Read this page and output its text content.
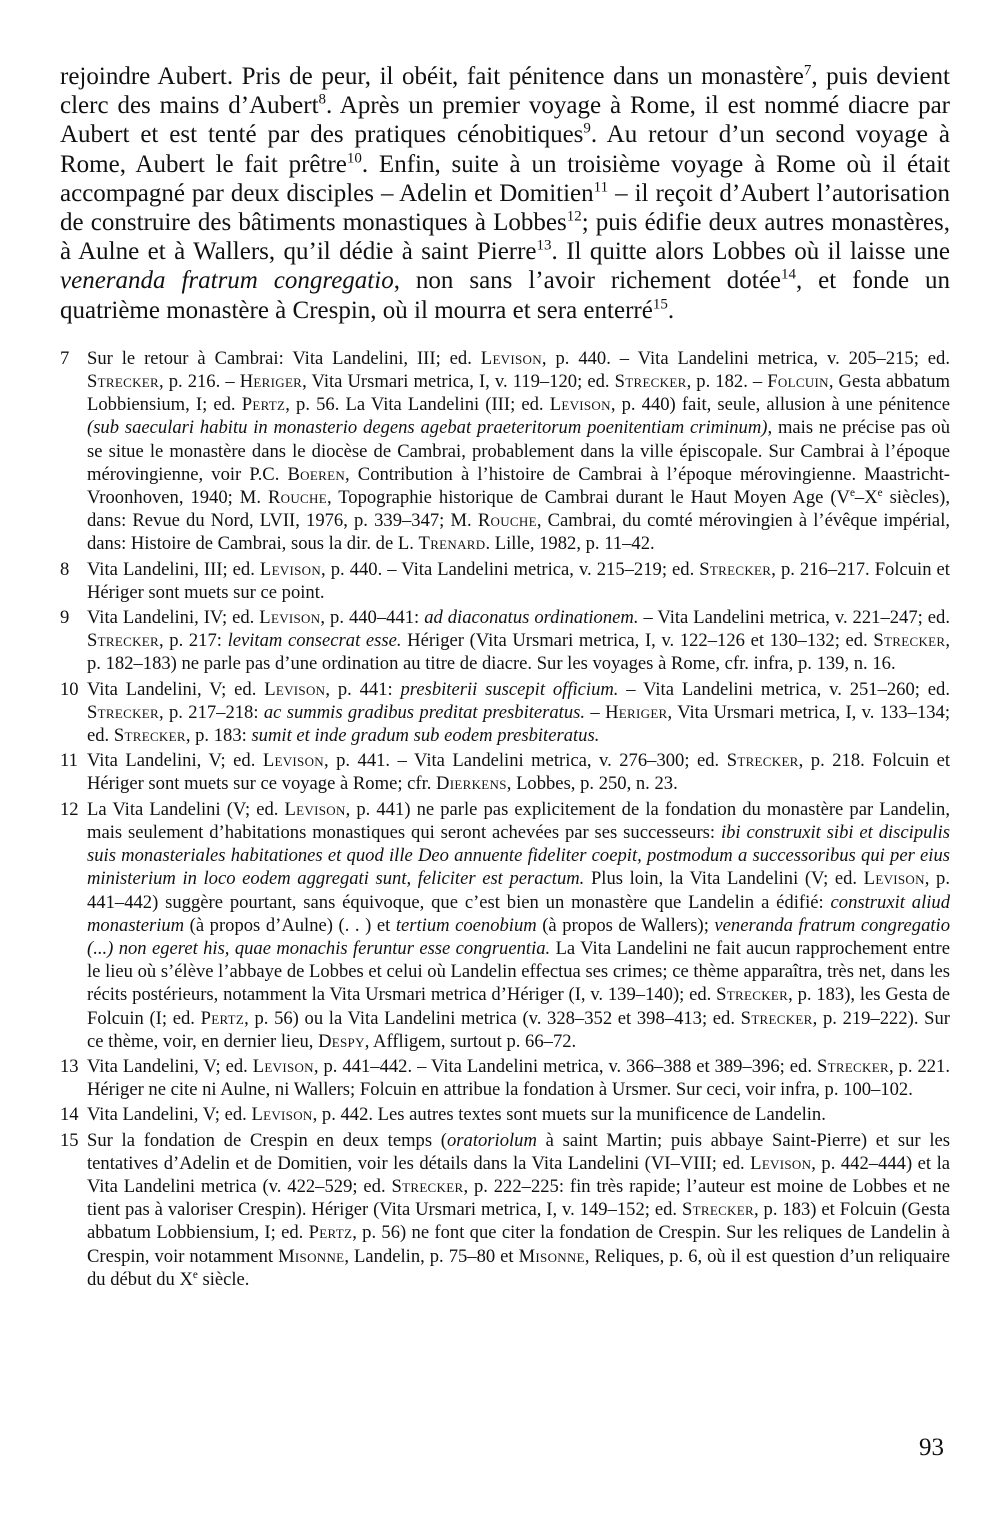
rejoindre Aubert. Pris de peur, il obéit, fait pénitence dans un monastère$^7$, puis devient clerc des mains d’Aubert$^8$. Après un premier voyage à Rome, il est nommé diacre par Aubert et est tenté par des pratiques cénobitiques$^9$. Au retour d’un second voyage à Rome, Aubert le fait prêtre$^{10}$. Enfin, suite à un troisième voyage à Rome où il était accompagné par deux disciples – Adelin et Domitien$^{11}$ – il reçoit d’Aubert l’autorisation de construire des bâtiments monastiques à Lobbes$^{12}$; puis édifie deux autres monastères, à Aulne et à Wallers, qu’il dédie à saint Pierre$^{13}$. Il quitte alors Lobbes où il laisse une veneranda fratrum congregatio, non sans l’avoir richement dotée$^{14}$, et fonde un quatrième monastère à Crespin, où il mourra et sera enterré$^{15}$.

7 Sur le retour à Cambrai: Vita Landelini, III; ed. Levison, p. 440. – Vita Landelini metrica, v. 205–215; ed. Strecker, p. 216. – Heriger, Vita Ursmari metrica, I, v. 119–120; ed. Strecker, p. 182. – Folcuin, Gesta abbatum Lobbiensium, I; ed. Pertz, p. 56. La Vita Landelini (III; ed. Levison, p. 440) fait, seule, allusion à une pénitence (sub saeculari habitu in monasterio degens agebat praeteritorum poenitentiam criminum), mais ne précise pas où se situe le monastère dans le diocèse de Cambrai, probablement dans la ville épiscopale. Sur Cambrai à l’époque mérovingienne, voir P.C. Boeren, Contribution à l’histoire de Cambrai à l’époque mérovingienne. Maastricht-Vroonhoven, 1940; M. Rouche, Topographie historique de Cambrai durant le Haut Moyen Age (Ve–Xe siècles), dans: Revue du Nord, LVII, 1976, p. 339–347; M. Rouche, Cambrai, du comté mérovingien à l’évêque impérial, dans: Histoire de Cambrai, sous la dir. de L. Trenard. Lille, 1982, p. 11–42.
8 Vita Landelini, III; ed. Levison, p. 440. – Vita Landelini metrica, v. 215–219; ed. Strecker, p. 216–217. Folcuin et Hériger sont muets sur ce point.
9 Vita Landelini, IV; ed. Levison, p. 440–441: ad diaconatus ordinationem. – Vita Landelini metrica, v. 221–247; ed. Strecker, p. 217: levitam consecrat esse. Hériger (Vita Ursmari metrica, I, v. 122–126 et 130–132; ed. Strecker, p. 182–183) ne parle pas d’une ordination au titre de diacre. Sur les voyages à Rome, cfr. infra, p. 139, n. 16.
10 Vita Landelini, V; ed. Levison, p. 441: presbiterii suscepit officium. – Vita Landelini metrica, v. 251–260; ed. Strecker, p. 217–218: ac summis gradibus preditat presbiteratus. – Heriger, Vita Ursmari metrica, I, v. 133–134; ed. Strecker, p. 183: sumit et inde gradum sub eodem presbiteratus.
11 Vita Landelini, V; ed. Levison, p. 441. – Vita Landelini metrica, v. 276–300; ed. Strecker, p. 218. Folcuin et Hériger sont muets sur ce voyage à Rome; cfr. Dierkens, Lobbes, p. 250, n. 23.
12 La Vita Landelini (V; ed. Levison, p. 441) ne parle pas explicitement de la fondation du monastère par Landelin, mais seulement d’habitations monastiques qui seront achevées par ses successeurs: ibi construxit sibi et discipulis suis monasteriales habitationes et quod ille Deo annuente fideliter coepit, postmodum a successoribus qui per eius ministerium in loco eodem aggregati sunt, feliciter est peractum. Plus loin, la Vita Landelini (V; ed. Levison, p. 441–442) suggère pourtant, sans équivoque, que c’est bien un monastère que Landelin a édifié: construxit aliud monasterium (à propos d’Aulne) (. . ) et tertium coenobium (à propos de Wallers); veneranda fratrum congregatio (...) non egeret his, quae monachis feruntur esse congruentia. La Vita Landelini ne fait aucun rapprochement entre le lieu où s’élève l’abbaye de Lobbes et celui où Landelin effectua ses crimes; ce thème apparaîtra, très net, dans les récits postérieurs, notamment la Vita Ursmari metrica d’Hériger (I, v. 139–140); ed. Strecker, p. 183), les Gesta de Folcuin (I; ed. Pertz, p. 56) ou la Vita Landelini metrica (v. 328–352 et 398–413; ed. Strecker, p. 219–222). Sur ce thème, voir, en dernier lieu, Despy, Affligem, surtout p. 66–72.
13 Vita Landelini, V; ed. Levison, p. 441–442. – Vita Landelini metrica, v. 366–388 et 389–396; ed. Strecker, p. 221. Hériger ne cite ni Aulne, ni Wallers; Folcuin en attribue la fondation à Ursmer. Sur ceci, voir infra, p. 100–102.
14 Vita Landelini, V; ed. Levison, p. 442. Les autres textes sont muets sur la munificence de Landelin.
15 Sur la fondation de Crespin en deux temps (oratoriolum à saint Martin; puis abbaye Saint-Pierre) et sur les tentatives d’Adelin et de Domitien, voir les détails dans la Vita Landelini (VI–VIII; ed. Levison, p. 442–444) et la Vita Landelini metrica (v. 422–529; ed. Strecker, p. 222–225: fin très rapide; l’auteur est moine de Lobbes et ne tient pas à valoriser Crespin). Hériger (Vita Ursmari metrica, I, v. 149–152; ed. Strecker, p. 183) et Folcuin (Gesta abbatum Lobbiensium, I; ed. Pertz, p. 56) ne font que citer la fondation de Crespin. Sur les reliques de Landelin à Crespin, voir notamment Misonne, Landelin, p. 75–80 et Misonne, Reliques, p. 6, où il est question d’un reliquaire du début du Xe siècle.
93
